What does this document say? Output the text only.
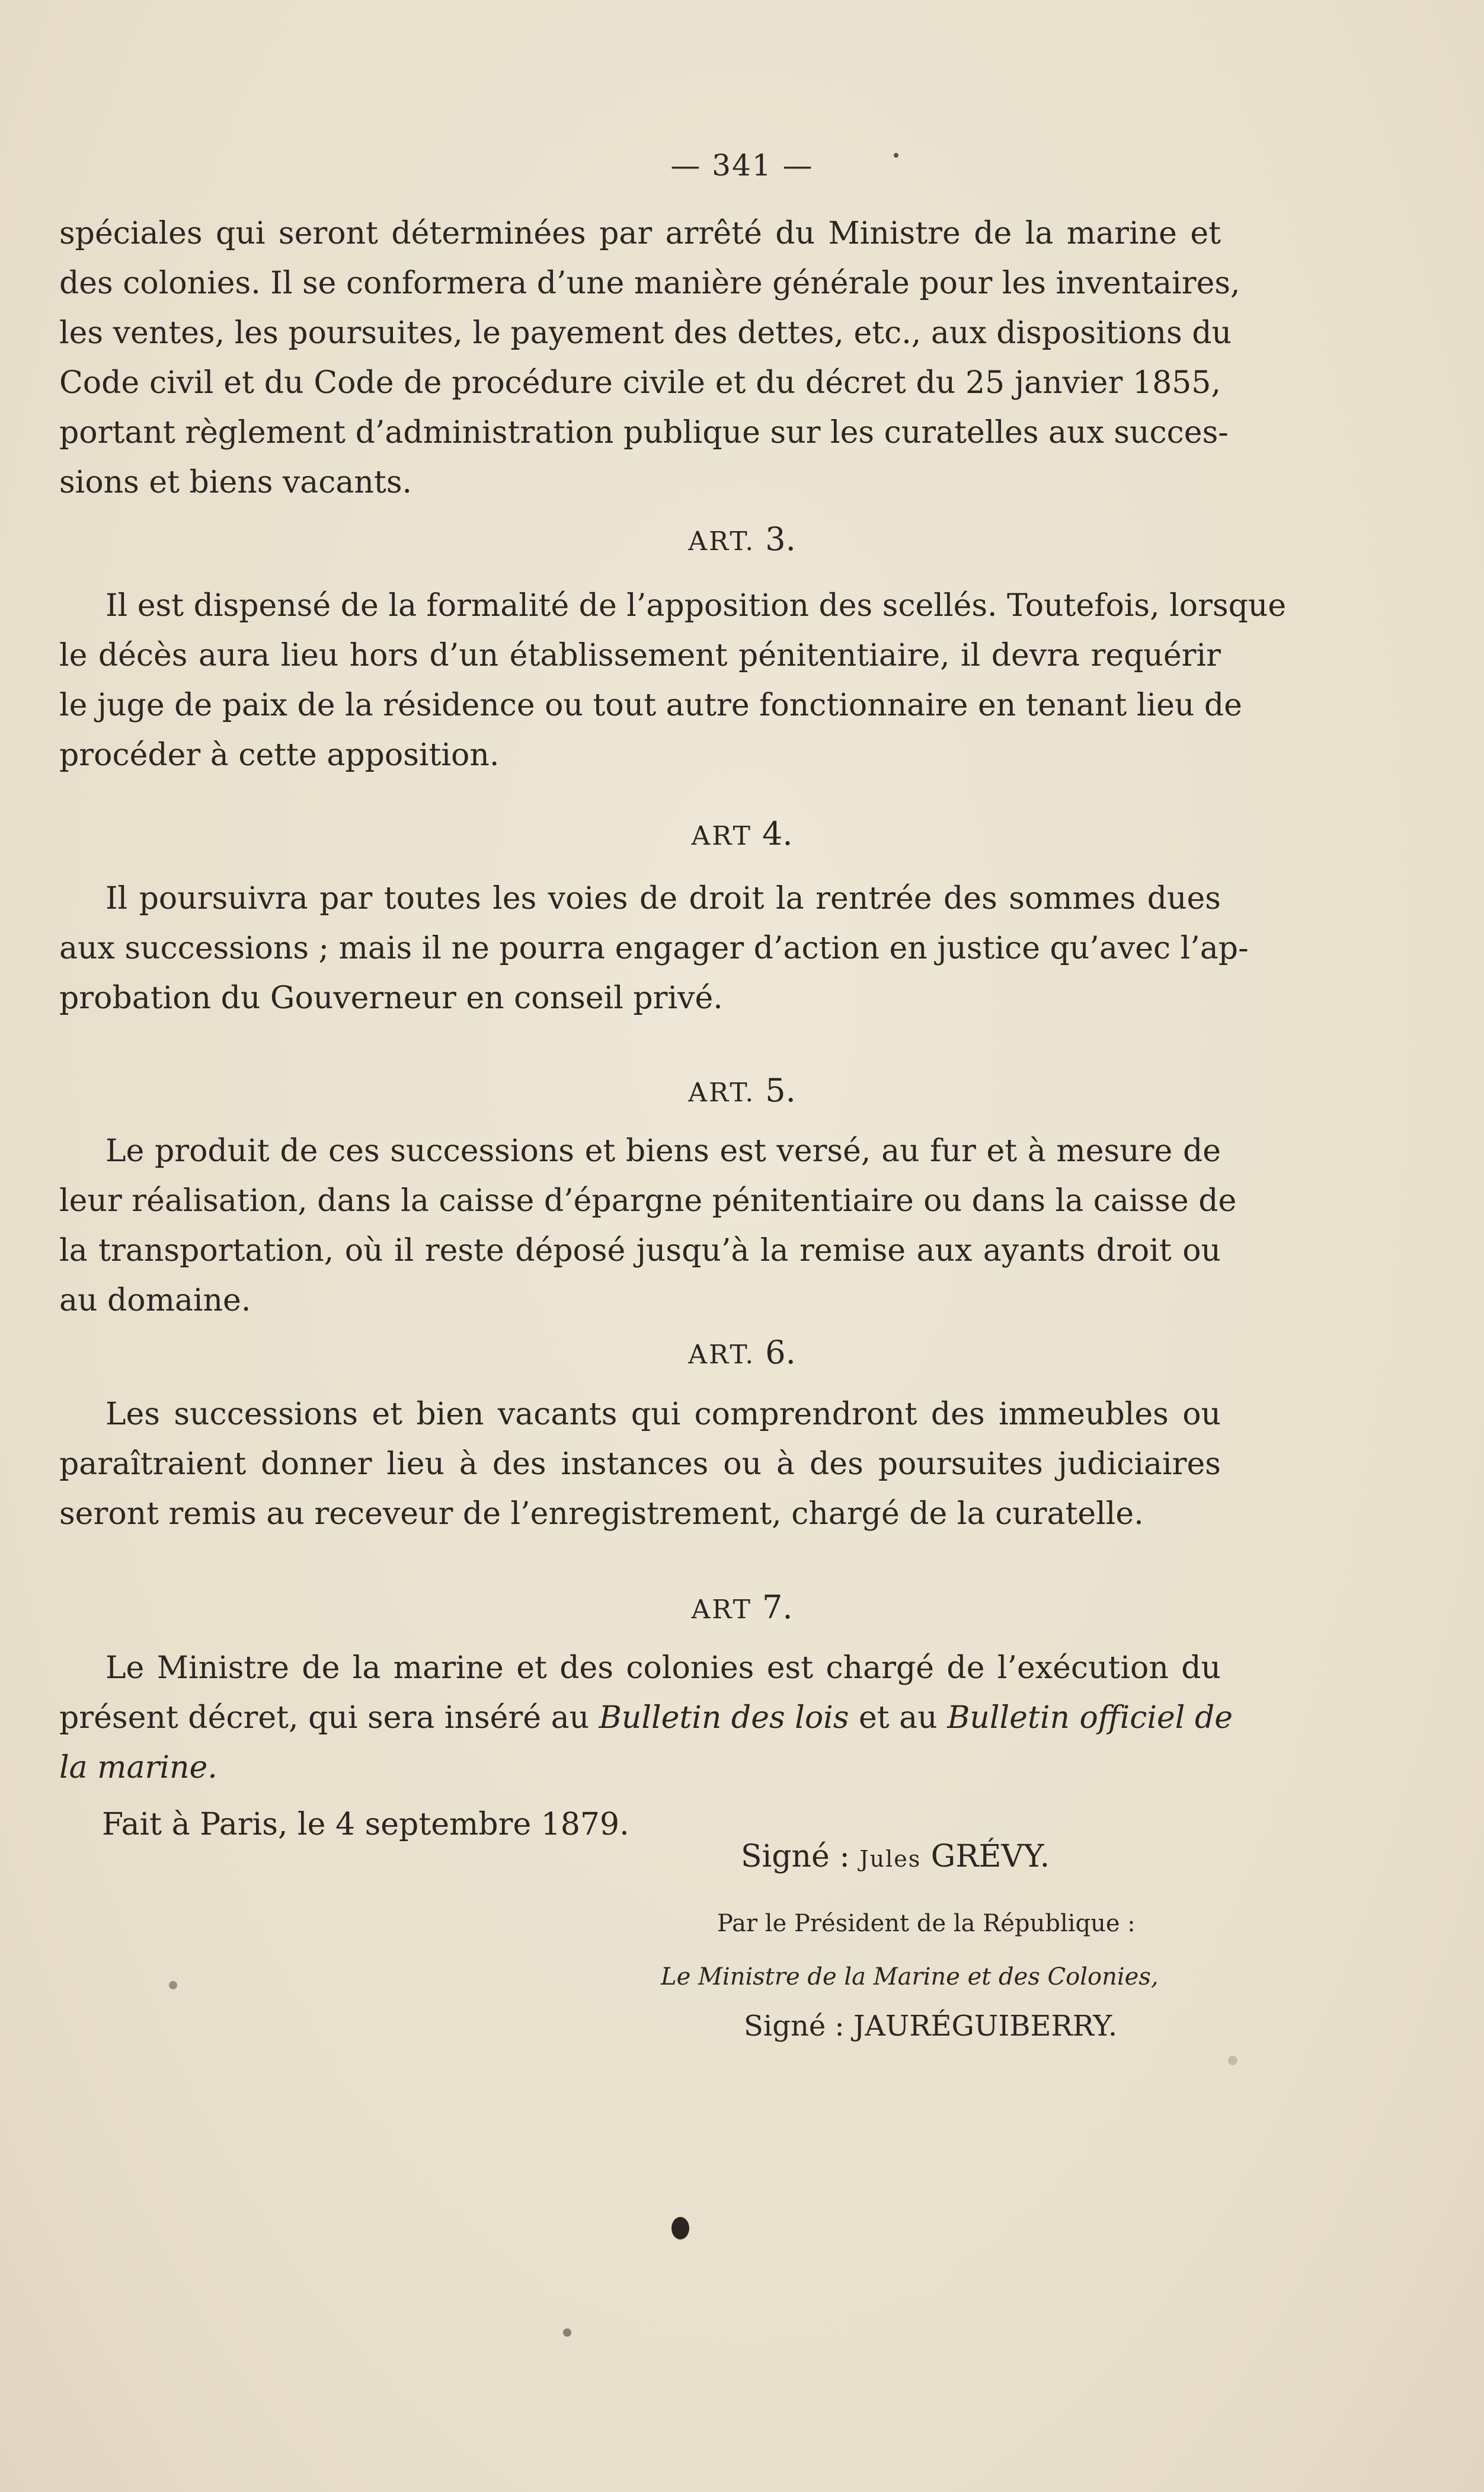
— 341 —
spéciales qui seront déterminées par arrêté du Ministre de la marine et
des colonies. Il se conformera d’une manière générale pour les inventaires,
les ventes, les poursuites, le payement des dettes, etc., aux dispositions du
Code civil et du Code de procédure civile et du décret du 25 janvier 1855,
portant règlement d’administration publique sur les curatelles aux succes-
sions et biens vacants.
ART. 3.
Il est dispensé de la formalité de l’apposition des scellés. Toutefois, lorsque
le décès aura lieu hors d’un établissement pénitentiaire, il devra requérir
le juge de paix de la résidence ou tout autre fonctionnaire en tenant lieu de
procéder à cette apposition.
ART 4.
Il poursuivra par toutes les voies de droit la rentrée des sommes dues
aux successions ; mais il ne pourra engager d’action en justice qu’avec l’ap-
probation du Gouverneur en conseil privé.
ART. 5.
Le produit de ces successions et biens est versé, au fur et à mesure de
leur réalisation, dans la caisse d’épargne pénitentiaire ou dans la caisse de
la transportation, où il reste déposé jusqu’à la remise aux ayants droit ou
au domaine.
ART. 6.
Les successions et bien vacants qui comprendront des immeubles ou
paraîtraient donner lieu à des instances ou à des poursuites judiciaires
seront remis au receveur de l’enregistrement, chargé de la curatelle.
ART 7.
Le Ministre de la marine et des colonies est chargé de l’exécution du
présent décret, qui sera inséré au Bulletin des lois et au Bulletin officiel de
la marine.
Fait à Paris, le 4 septembre 1879.
Signé : Jules GRÉVY.
Par le Président de la République :
Le Ministre de la Marine et des Colonies,
Signé : JAURÉGUIBERRY.
